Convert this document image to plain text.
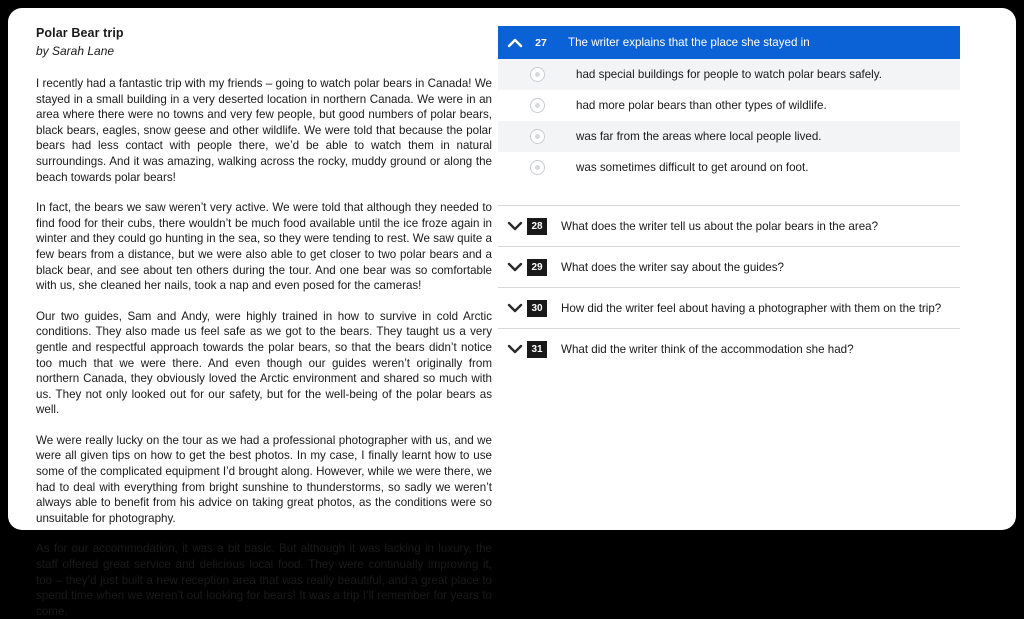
Polar Bear trip
by Sarah Lane

I recently had a fantastic trip with my friends – going to watch polar bears in Canada! We stayed in a small building in a very deserted location in northern Canada. We were in an area where there were no towns and very few people, but good numbers of polar bears, black bears, eagles, snow geese and other wildlife. We were told that because the polar bears had less contact with people there, we’d be able to watch them in natural surroundings. And it was amazing, walking across the rocky, muddy ground or along the beach towards polar bears!

In fact, the bears we saw weren’t very active. We were told that although they needed to find food for their cubs, there wouldn’t be much food available until the ice froze again in winter and they could go hunting in the sea, so they were tending to rest. We saw quite a few bears from a distance, but we were also able to get closer to two polar bears and a black bear, and see about ten others during the tour. And one bear was so comfortable with us, she cleaned her nails, took a nap and even posed for the cameras!

Our two guides, Sam and Andy, were highly trained in how to survive in cold Arctic conditions. They also made us feel safe as we got to the bears. They taught us a very gentle and respectful approach towards the polar bears, so that the bears didn’t notice too much that we were there. And even though our guides weren’t originally from northern Canada, they obviously loved the Arctic environment and shared so much with us. They not only looked out for our safety, but for the well-being of the polar bears as well.

We were really lucky on the tour as we had a professional photographer with us, and we were all given tips on how to get the best photos. In my case, I finally learnt how to use some of the complicated equipment I’d brought along. However, while we were there, we had to deal with everything from bright sunshine to thunderstorms, so sadly we weren’t always able to benefit from his advice on taking great photos, as the conditions were so unsuitable for photography.

As for our accommodation, it was a bit basic. But although it was lacking in luxury, the staff offered great service and delicious local food. They were continually improving it, too – they’d just built a new reception area that was really beautiful, and a great place to spend time when we weren’t out looking for bears! It was a trip I’ll remember for years to come.

27	The writer explains that the place she stayed in
had special buildings for people to watch polar bears safely.
had more polar bears than other types of wildlife.
was far from the areas where local people lived.
was sometimes difficult to get around on foot.
28	What does the writer tell us about the polar bears in the area?
29	What does the writer say about the guides?
30	How did the writer feel about having a photographer with them on the trip?
31	What did the writer think of the accommodation she had?
